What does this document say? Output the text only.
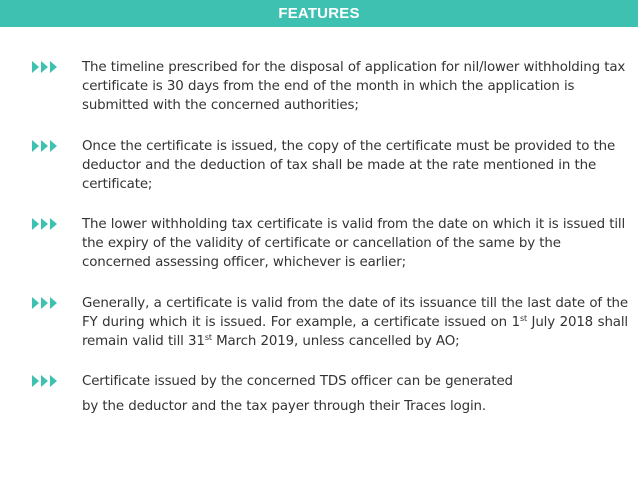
FEATURES
The timeline prescribed for the disposal of application for nil/lower withholding tax certificate is 30 days from the end of the month in which the application is submitted with the concerned authorities;
Once the certificate is issued, the copy of the certificate must be provided to the deductor and the deduction of tax shall be made at the rate mentioned in the certificate;
The lower withholding tax certificate is valid from the date on which it is issued till the expiry of the validity of certificate or cancellation of the same by the concerned assessing officer, whichever is earlier;
Generally, a certificate is valid from the date of its issuance till the last date of the FY during which it is issued. For example, a certificate issued on 1st July 2018 shall remain valid till 31st March 2019, unless cancelled by AO;
Certificate issued by the concerned TDS officer can be generated
by the deductor and the tax payer through their Traces login.
